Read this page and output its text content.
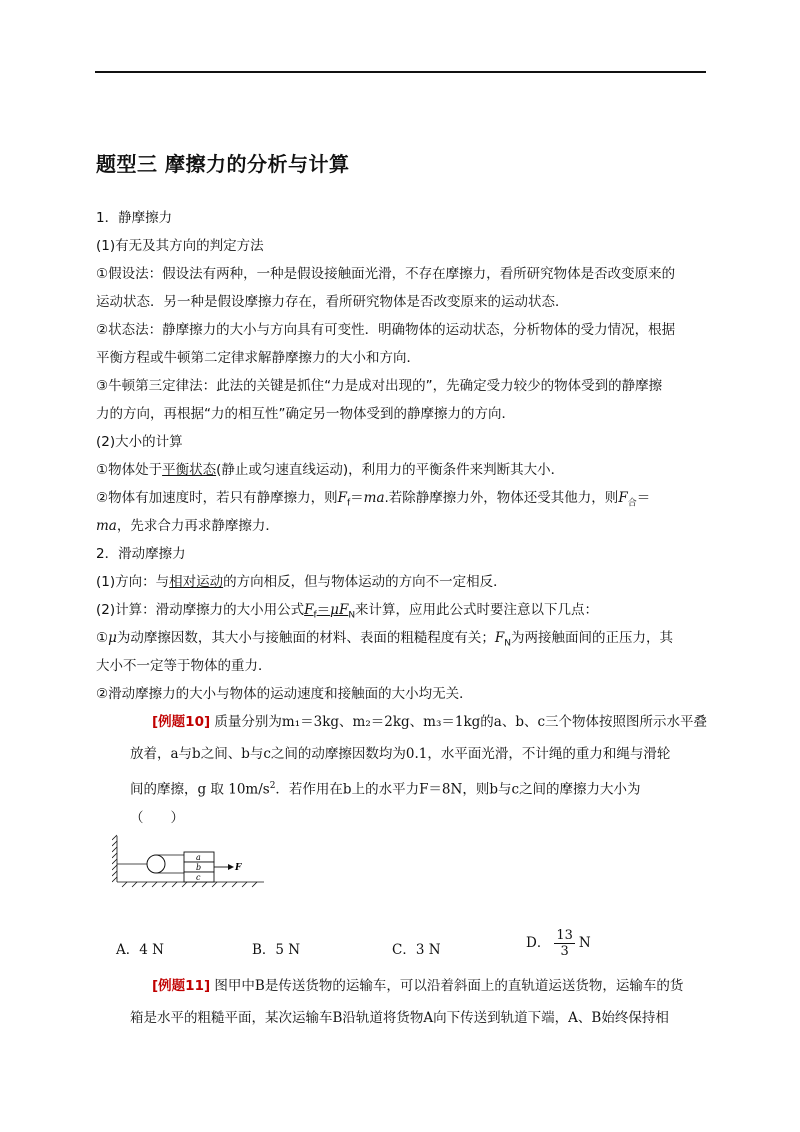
题型三 摩擦力的分析与计算
1．静摩擦力
(1)有无及其方向的判定方法
①假设法：假设法有两种，一种是假设接触面光滑，不存在摩擦力，看所研究物体是否改变原来的
运动状态．另一种是假设摩擦力存在，看所研究物体是否改变原来的运动状态．
②状态法：静摩擦力的大小与方向具有可变性．明确物体的运动状态，分析物体的受力情况，根据
平衡方程或牛顿第二定律求解静摩擦力的大小和方向．
③牛顿第三定律法：此法的关键是抓住“力是成对出现的”，先确定受力较少的物体受到的静摩擦
力的方向，再根据“力的相互性”确定另一物体受到的静摩擦力的方向．
(2)大小的计算
①物体处于平衡状态(静止或匀速直线运动)，利用力的平衡条件来判断其大小．
②物体有加速度时，若只有静摩擦力，则$F_f=ma$.若除静摩擦力外，物体还受其他力，则$F_合=$
ma，先求合力再求静摩擦力．
2．滑动摩擦力
(1)方向：与相对运动的方向相反，但与物体运动的方向不一定相反．
(2)计算：滑动摩擦力的大小用公式$F_f=\mu F_N$来计算，应用此公式时要注意以下几点：
①μ为动摩擦因数，其大小与接触面的材料、表面的粗糙程度有关；$F_N$为两接触面间的正压力，其
大小不一定等于物体的重力．
②滑动摩擦力的大小与物体的运动速度和接触面的大小均无关．
[例题10] 质量分别为m₁＝3kg、m₂＝2kg、m₃＝1kg的a、b、c三个物体按照图所示水平叠
放着，a与b之间、b与c之间的动摩擦因数均为0.1，水平面光滑，不计绳的重力和绳与滑轮
间的摩擦，g 取 $10m/s^2$．若作用在b上的水平力F＝8N，则b与c之间的摩擦力大小为
（　　）
a
b
c
F
A．4 N	B．5 N	C．3 N	D． $\frac{13}{3}$ N
[例题11] 图甲中B是传送货物的运输车，可以沿着斜面上的直轨道运送货物，运输车的货
箱是水平的粗糙平面，某次运输车B沿轨道将货物A向下传送到轨道下端，A、B始终保持相
